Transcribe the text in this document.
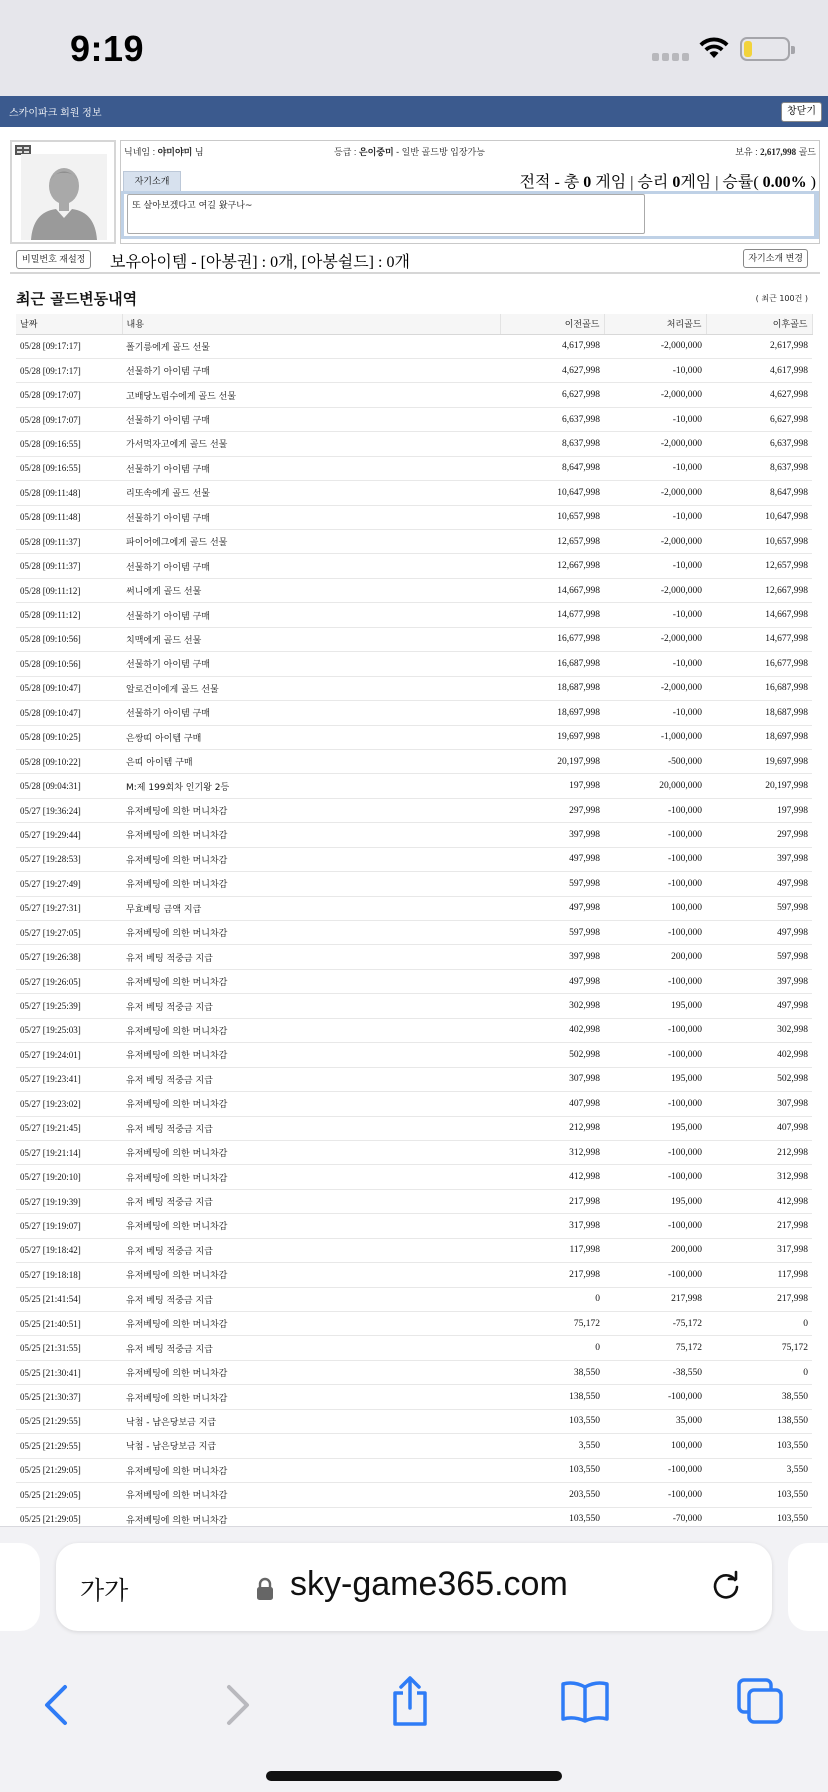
9:19
스카이파크 회원 정보	창닫기
닉네임 : 야미야미 님	등급 : 은이중미 - 일반 골드방 입장가능	보유 : 2,617,998 골드
전적 - 총 0 게임 | 승리 0게임 | 승률( 0.00% )
자기소개
또 살아보겠다고 여길 왔구나~
비밀번호 재설정	보유아이템 - [아봉권] : 0개, [아봉쉴드] : 0개	자기소개 변경
최근 골드변동내역	( 최근 100건 )
날짜	내용	이전골드	처리골드	이후골드
05/28 [09:17:17]	폴기릉에게 골드 선물	4,617,998	-2,000,000	2,617,998
05/28 [09:17:17]	선물하기 아이템 구매	4,627,998	-10,000	4,617,998
05/28 [09:17:07]	고배당노림수에게 골드 선물	6,627,998	-2,000,000	4,627,998
05/28 [09:17:07]	선물하기 아이템 구매	6,637,998	-10,000	6,627,998
05/28 [09:16:55]	가서먹자고에게 골드 선물	8,637,998	-2,000,000	6,637,998
05/28 [09:16:55]	선물하기 아이템 구매	8,647,998	-10,000	8,637,998
05/28 [09:11:48]	리또속에게 골드 선물	10,647,998	-2,000,000	8,647,998
05/28 [09:11:48]	선물하기 아이템 구매	10,657,998	-10,000	10,647,998
05/28 [09:11:37]	파이어에그에게 골드 선물	12,657,998	-2,000,000	10,657,998
05/28 [09:11:37]	선물하기 아이템 구매	12,667,998	-10,000	12,657,998
05/28 [09:11:12]	써니에게 골드 선물	14,667,998	-2,000,000	12,667,998
05/28 [09:11:12]	선물하기 아이템 구매	14,677,998	-10,000	14,667,998
05/28 [09:10:56]	치맥에게 골드 선물	16,677,998	-2,000,000	14,677,998
05/28 [09:10:56]	선물하기 아이템 구매	16,687,998	-10,000	16,677,998
05/28 [09:10:47]	알로건이에게 골드 선물	18,687,998	-2,000,000	16,687,998
05/28 [09:10:47]	선물하기 아이템 구매	18,697,998	-10,000	18,687,998
05/28 [09:10:25]	은쌍띠 아이템 구매	19,697,998	-1,000,000	18,697,998
05/28 [09:10:22]	은띠 아이템 구매	20,197,998	-500,000	19,697,998
05/28 [09:04:31]	M:제 199회차 인기왕 2등	197,998	20,000,000	20,197,998
05/27 [19:36:24]	유저베팅에 의한 머니차감	297,998	-100,000	197,998
05/27 [19:29:44]	유저베팅에 의한 머니차감	397,998	-100,000	297,998
05/27 [19:28:53]	유저베팅에 의한 머니차감	497,998	-100,000	397,998
05/27 [19:27:49]	유저베팅에 의한 머니차감	597,998	-100,000	497,998
05/27 [19:27:31]	무효베팅 금액 지급	497,998	100,000	597,998
05/27 [19:27:05]	유저베팅에 의한 머니차감	597,998	-100,000	497,998
05/27 [19:26:38]	유저 베팅 적중금 지급	397,998	200,000	597,998
05/27 [19:26:05]	유저베팅에 의한 머니차감	497,998	-100,000	397,998
05/27 [19:25:39]	유저 베팅 적중금 지급	302,998	195,000	497,998
05/27 [19:25:03]	유저베팅에 의한 머니차감	402,998	-100,000	302,998
05/27 [19:24:01]	유저베팅에 의한 머니차감	502,998	-100,000	402,998
05/27 [19:23:41]	유저 베팅 적중금 지급	307,998	195,000	502,998
05/27 [19:23:02]	유저베팅에 의한 머니차감	407,998	-100,000	307,998
05/27 [19:21:45]	유저 베팅 적중금 지급	212,998	195,000	407,998
05/27 [19:21:14]	유저베팅에 의한 머니차감	312,998	-100,000	212,998
05/27 [19:20:10]	유저베팅에 의한 머니차감	412,998	-100,000	312,998
05/27 [19:19:39]	유저 베팅 적중금 지급	217,998	195,000	412,998
05/27 [19:19:07]	유저베팅에 의한 머니차감	317,998	-100,000	217,998
05/27 [19:18:42]	유저 베팅 적중금 지급	117,998	200,000	317,998
05/27 [19:18:18]	유저베팅에 의한 머니차감	217,998	-100,000	117,998
05/25 [21:41:54]	유저 베팅 적중금 지급	0	217,998	217,998
05/25 [21:40:51]	유저베팅에 의한 머니차감	75,172	-75,172	0
05/25 [21:31:55]	유저 베팅 적중금 지급	0	75,172	75,172
05/25 [21:30:41]	유저베팅에 의한 머니차감	38,550	-38,550	0
05/25 [21:30:37]	유저베팅에 의한 머니차감	138,550	-100,000	38,550
05/25 [21:29:55]	낙첨 - 남은당보금 지급	103,550	35,000	138,550
05/25 [21:29:55]	낙첨 - 남은당보금 지급	3,550	100,000	103,550
05/25 [21:29:05]	유저베팅에 의한 머니차감	103,550	-100,000	3,550
05/25 [21:29:05]	유저베팅에 의한 머니차감	203,550	-100,000	103,550
05/25 [21:29:05]	유저베팅에 의한 머니차감	103,550	-70,000	103,550
가가	sky-game365.com
